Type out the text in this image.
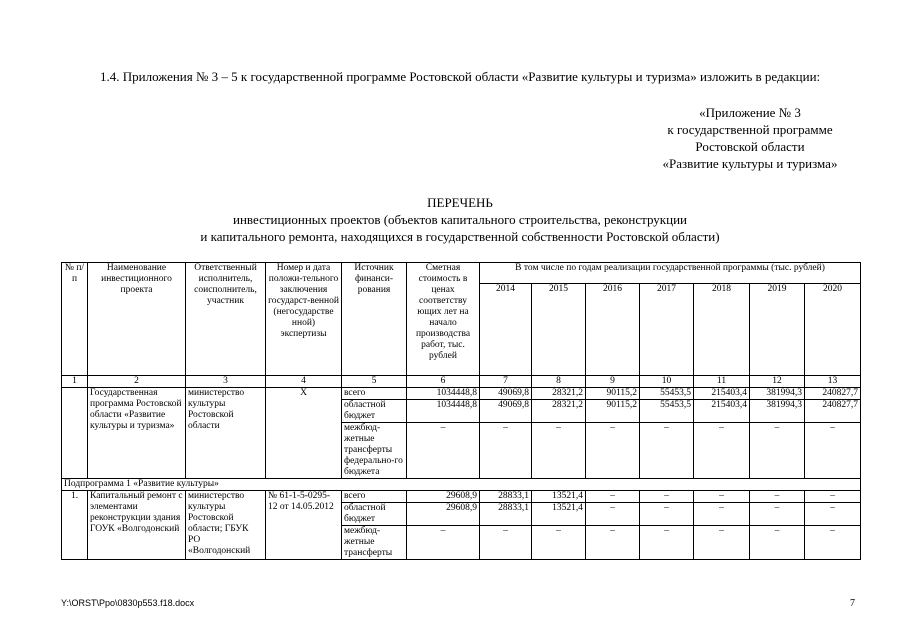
1.4. Приложения № 3 – 5 к государственной программе Ростовской области «Развитие культуры и туризма» изложить в редакции:
«Приложение № 3
к государственной программе
Ростовской области
«Развитие культуры и туризма»
ПЕРЕЧЕНЬ
инвестиционных проектов (объектов капитального строительства, реконструкции
и капитального ремонта, находящихся в государственной собственности Ростовской области)
№ п/п	Наименование инвестиционного проекта	Ответственный исполнитель, соисполнитель, участник	Номер и дата положи-тельного заключения государст-венной (негосударстве нной) экспертизы	Источник финанси-рования	Сметная стоимость в ценах соответству ющих лет на начало производства работ, тыс. рублей	В том числе по годам реализации государственной программы (тыс. рублей)						
						2014	2015	2016	2017	2018	2019	2020
1	2	3	4	5	6	7	8	9	10	11	12	13
	Государственная программа Ростовской области «Развитие культуры и туризма»	министерство культуры Ростовской области	Х	всего	1034448,8	49069,8	28321,2	90115,2	55453,5	215403,4	381994,3	240827,7
				областной бюджет	1034448,8	49069,8	28321,2	90115,2	55453,5	215403,4	381994,3	240827,7
				межбюд-жетные трансферты федерально-го бюджета	–	–	–	–	–	–	–	–
Подпрограмма 1 «Развитие культуры»												
1.	Капитальный ремонт с элементами реконструкции здания ГОУК «Волгодонский	министерство культуры Ростовской области; ГБУК РО «Волгодонский	№ 61-1-5-0295-12 от 14.05.2012	всего	29608,9	28833,1	13521,4	–	–	–	–	–
				областной бюджет	29608,9	28833,1	13521,4	–	–	–	–	–
				межбюд-жетные трансферты	–	–	–	–	–	–	–	–
Y:\ORST\Ppo\0830p553.f18.docx	7
